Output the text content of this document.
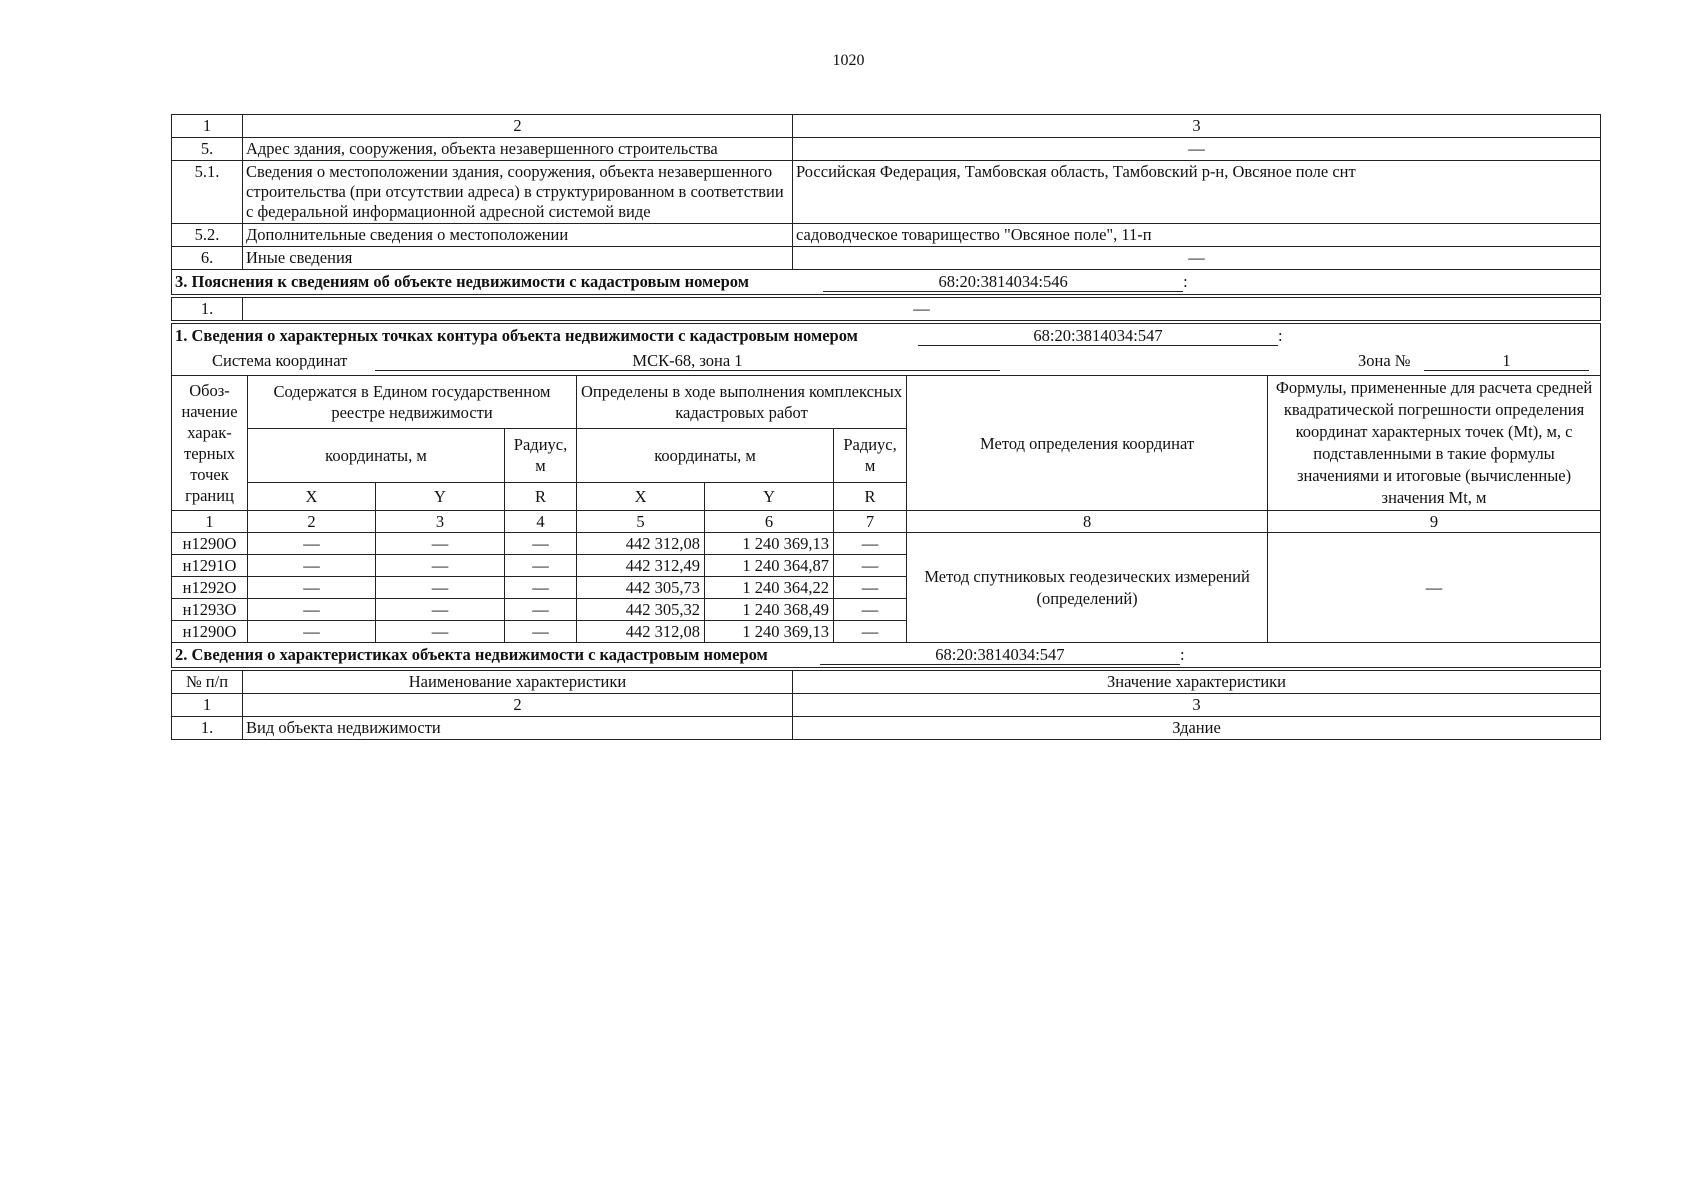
1020
1	2	3
5.	Адрес здания, сооружения, объекта незавершенного строительства	—
5.1.	Сведения о местоположении здания, сооружения, объекта незавершенного строительства (при отсутствии адреса) в структурированном в соответствии с федеральной информационной адресной системой виде	Российская Федерация, Тамбовская область, Тамбовский р-н, Овсяное поле снт
5.2.	Дополнительные сведения о местоположении	садоводческое товарищество "Овсяное поле", 11-п
6.	Иные сведения	—
3. Пояснения к сведениям об объекте недвижимости с кадастровым номером 68:20:3814034:546 :		
1.	—
1. Сведения о характерных точках контура объекта недвижимости с кадастровым номером	68:20:3814034:547	:
Система координат	МСК-68, зона 1	Зона №	1
Обоз-начение харак-терных точек границ	Содержатся в Едином государственном реестре недвижимости			Определены в ходе выполнения комплексных кадастровых работ			Метод определения координат	Формулы, примененные для расчета средней квадратической погрешности определения координат характерных точек (Mt), м, с подставленными в такие формулы значениями и итоговые (вычисленные) значения Mt, м
	координаты, м		Радиус, м	координаты, м		Радиус, м		
	X	Y	R	X	Y	R		
1	2	3	4	5	6	7	8	9
н1290О	—	—	—	442 312,08	1 240 369,13	—	Метод спутниковых геодезических измерений (определений)	—
н1291О	—	—	—	442 312,49	1 240 364,87	—		
н1292О	—	—	—	442 305,73	1 240 364,22	—		
н1293О	—	—	—	442 305,32	1 240 368,49	—		
н1290О	—	—	—	442 312,08	1 240 369,13	—		
2. Сведения о характеристиках объекта недвижимости с кадастровым номером 68:20:3814034:547 :								
№ п/п	Наименование характеристики	Значение характеристики
1	2	3
1.	Вид объекта недвижимости	Здание
